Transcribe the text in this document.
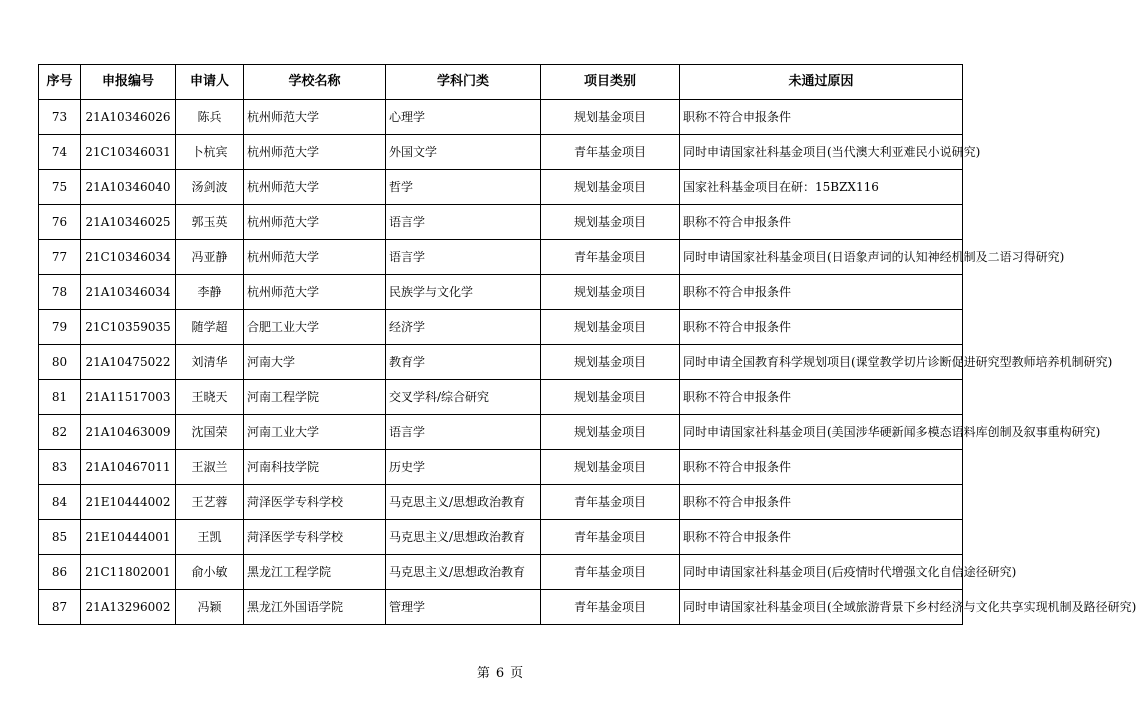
序号	申报编号	申请人	学校名称	学科门类	项目类别	未通过原因
73	21A10346026	陈兵	杭州师范大学	心理学	规划基金项目	职称不符合申报条件
74	21C10346031	卜杭宾	杭州师范大学	外国文学	青年基金项目	同时申请国家社科基金项目(当代澳大利亚难民小说研究)
75	21A10346040	汤剑波	杭州师范大学	哲学	规划基金项目	国家社科基金项目在研：15BZX116
76	21A10346025	郭玉英	杭州师范大学	语言学	规划基金项目	职称不符合申报条件
77	21C10346034	冯亚静	杭州师范大学	语言学	青年基金项目	同时申请国家社科基金项目(日语象声词的认知神经机制及二语习得研究)
78	21A10346034	李静	杭州师范大学	民族学与文化学	规划基金项目	职称不符合申报条件
79	21C10359035	随学超	合肥工业大学	经济学	规划基金项目	职称不符合申报条件
80	21A10475022	刘清华	河南大学	教育学	规划基金项目	同时申请全国教育科学规划项目(课堂教学切片诊断促进研究型教师培养机制研究)
81	21A11517003	王晓天	河南工程学院	交叉学科/综合研究	规划基金项目	职称不符合申报条件
82	21A10463009	沈国荣	河南工业大学	语言学	规划基金项目	同时申请国家社科基金项目(美国涉华硬新闻多模态语料库创制及叙事重构研究)
83	21A10467011	王淑兰	河南科技学院	历史学	规划基金项目	职称不符合申报条件
84	21E10444002	王艺蓉	菏泽医学专科学校	马克思主义/思想政治教育	青年基金项目	职称不符合申报条件
85	21E10444001	王凯	菏泽医学专科学校	马克思主义/思想政治教育	青年基金项目	职称不符合申报条件
86	21C11802001	俞小敏	黑龙江工程学院	马克思主义/思想政治教育	青年基金项目	同时申请国家社科基金项目(后疫情时代增强文化自信途径研究)
87	21A13296002	冯颖	黑龙江外国语学院	管理学	青年基金项目	同时申请国家社科基金项目(全域旅游背景下乡村经济与文化共享实现机制及路径研究)
第 6 页
